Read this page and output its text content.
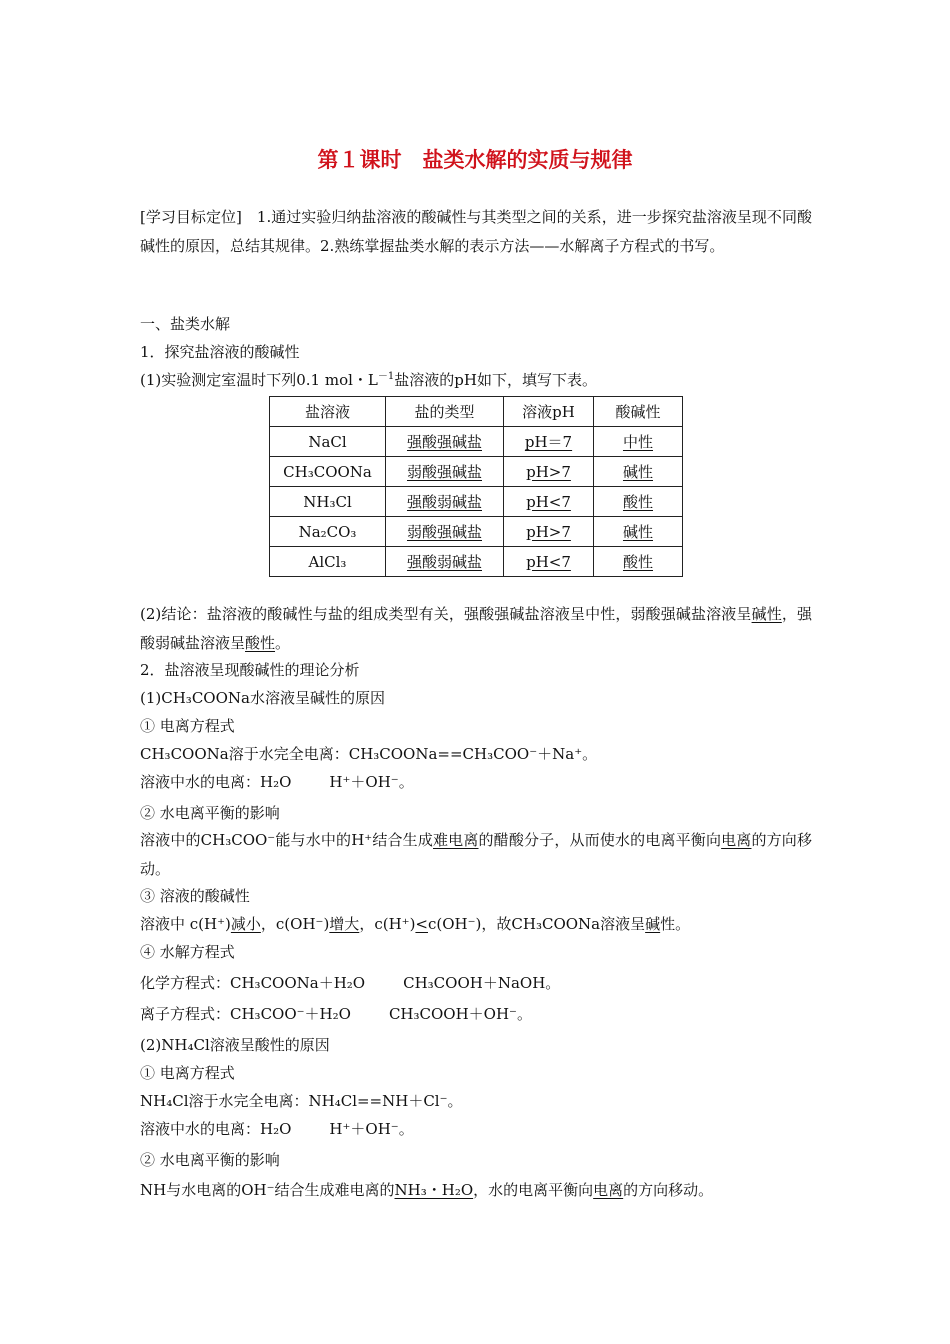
第１课时　盐类水解的实质与规律
[学习目标定位]　1.通过实验归纳盐溶液的酸碱性与其类型之间的关系，进一步探究盐溶液呈现不同酸碱性的原因，总结其规律。2.熟练掌握盐类水解的表示方法——水解离子方程式的书写。
一、盐类水解
1．探究盐溶液的酸碱性
(1)实验测定室温时下列0.1 mol・$L^{-1}$盐溶液的pH如下，填写下表。
盐溶液	盐的类型	溶液pH	酸碱性
NaCl	强酸强碱盐	pH＝7	中性
CH₃COONa	弱酸强碱盐	pH>7	碱性
NH₃Cl	强酸弱碱盐	pH<7	酸性
Na₂CO₃	弱酸强碱盐	pH>7	碱性
AlCl₃	强酸弱碱盐	pH<7	酸性
(2)结论：盐溶液的酸碱性与盐的组成类型有关，强酸强碱盐溶液呈中性，弱酸强碱盐溶液呈碱性，强酸弱碱盐溶液呈酸性。
2．盐溶液呈现酸碱性的理论分析
(1)CH₃COONa水溶液呈碱性的原因
① 电离方程式
CH₃COONa溶于水完全电离：CH₃COONa==CH₃COO⁻＋Na⁺。
溶液中水的电离：H₂O	H⁺＋OH⁻。
② 水电离平衡的影响
溶液中的CH₃COO⁻能与水中的H⁺结合生成难电离的醋酸分子，从而使水的电离平衡向电离的方向移动。
③ 溶液的酸碱性
溶液中 c(H⁺)减小，c(OH⁻)增大，c(H⁺)<c(OH⁻)，故CH₃COONa溶液呈碱性。
④ 水解方程式
化学方程式：CH₃COONa＋H₂O	CH₃COOH＋NaOH。
离子方程式：CH₃COO⁻＋H₂O	CH₃COOH＋OH⁻。
(2)NH₄Cl溶液呈酸性的原因
① 电离方程式
NH₄Cl溶于水完全电离：NH₄Cl==NH＋Cl⁻。
溶液中水的电离：H₂O	H⁺＋OH⁻。
② 水电离平衡的影响
NH与水电离的OH⁻结合生成难电离的NH₃・H₂O，水的电离平衡向电离的方向移动。
